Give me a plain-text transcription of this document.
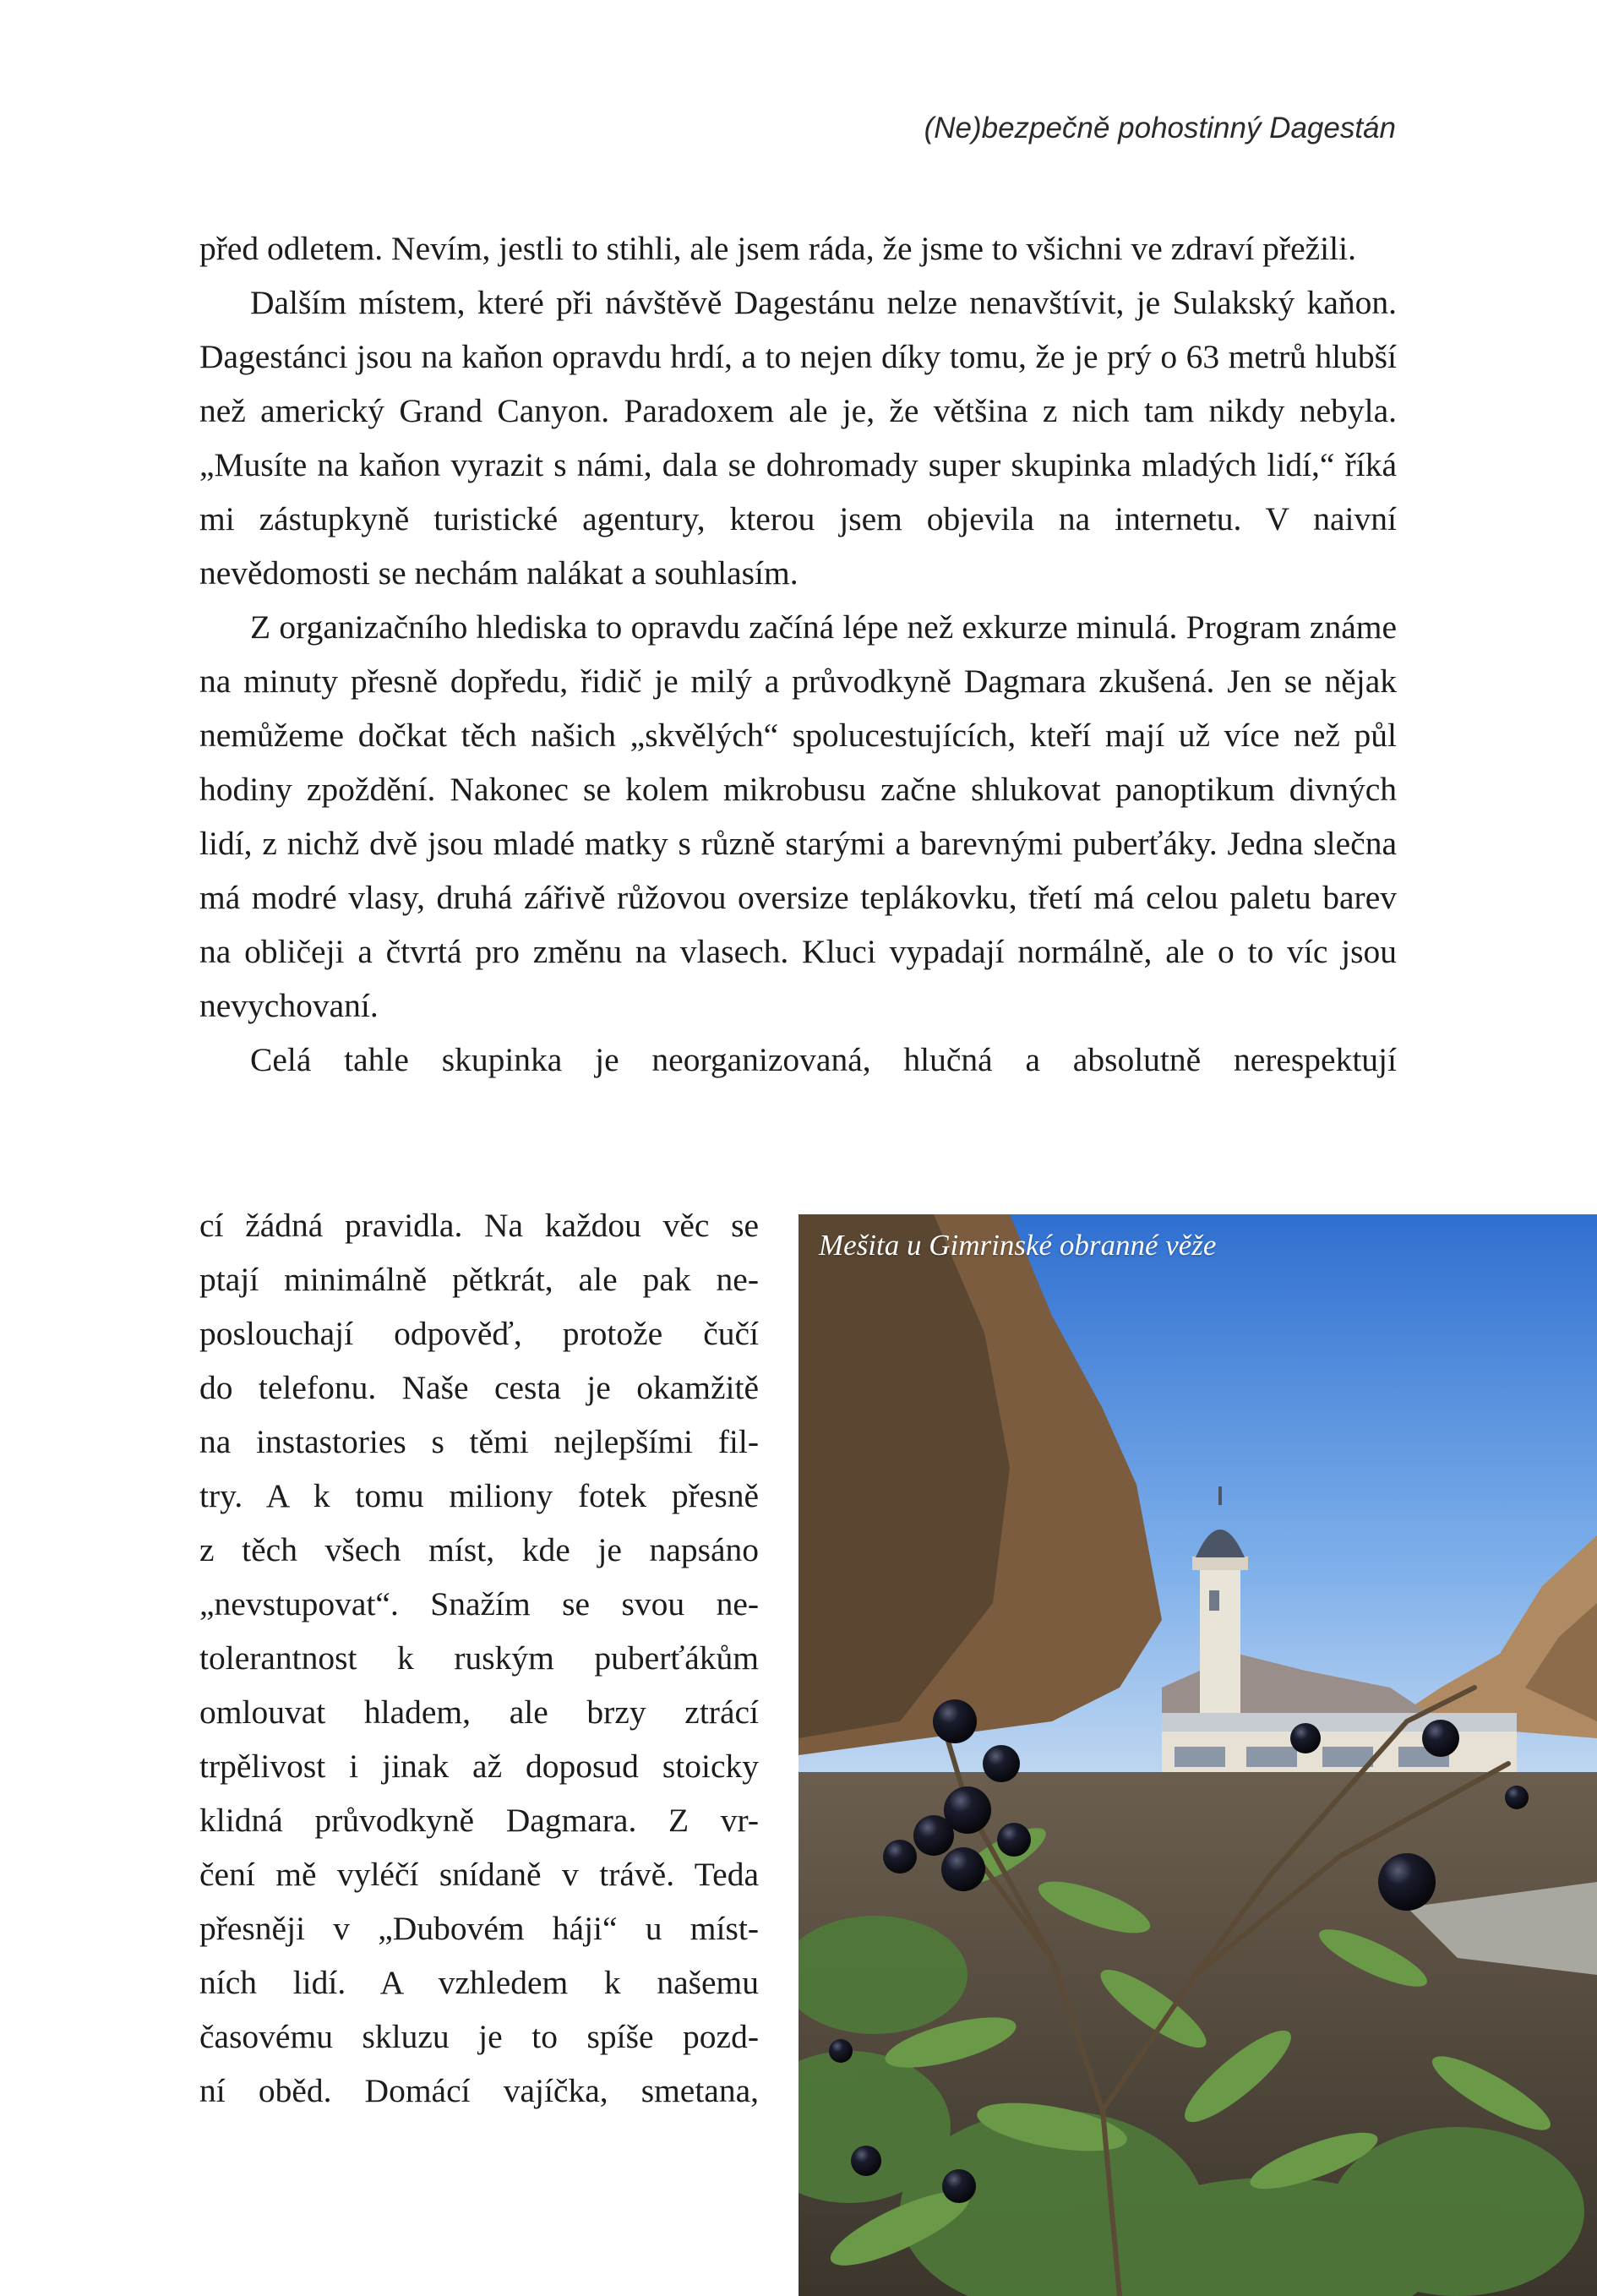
(Ne)bezpečně pohostinný Dagestán

před odletem. Nevím, jestli to stihli, ale jsem ráda, že jsme to všichni ve zdraví přežili.

Dalším místem, které při návštěvě Dagestánu nelze nenavštívit, je Sulakský kaňon. Dagestánci jsou na kaňon opravdu hrdí, a to nejen díky tomu, že je prý o 63 metrů hlubší než americký Grand Canyon. Paradoxem ale je, že většina z nich tam nikdy nebyla. „Musíte na kaňon vyrazit s námi, dala se dohromady super skupinka mladých lidí,“ říká mi zástupkyně turistické agentury, kterou jsem objevila na internetu. V naivní nevědomosti se nechám nalákat a souhlasím.

Z organizačního hlediska to opravdu začíná lépe než exkurze minulá. Program známe na minuty přesně dopředu, řidič je milý a průvodkyně Dagmara zkušená. Jen se nějak nemůžeme dočkat těch našich „skvělých“ spolucestujících, kteří mají už více než půl hodiny zpoždění. Nakonec se kolem mikrobusu začne shlukovat panoptikum divných lidí, z nichž dvě jsou mladé matky s různě starými a barevnými puberťáky. Jedna slečna má modré vlasy, druhá zářivě růžovou oversize teplákovku, třetí má celou paletu barev na obličeji a čtvrtá pro změnu na vlasech. Kluci vypadají normálně, ale o to víc jsou nevychovaní.

Celá tahle skupinka je neorganizovaná, hlučná a absolutně nerespektují

cí žádná pravidla. Na každou věc se
ptají minimálně pětkrát, ale pak ne-
poslouchají odpověď, protože čučí
do telefonu. Naše cesta je okamžitě
na instastories s těmi nejlepšími fil-
try. A k tomu miliony fotek přesně
z těch všech míst, kde je napsáno
„nevstupovat“. Snažím se svou ne-
tolerantnost k ruským puberťákům
omlouvat hladem, ale brzy ztrácí
trpělivost i jinak až doposud stoicky
klidná průvodkyně Dagmara. Z vr-
čení mě vyléčí snídaně v trávě. Teda
přesněji v „Dubovém háji“ u míst-
ních lidí. A vzhledem k našemu
časovému skluzu je to spíše pozd-
ní oběd. Domácí vajíčka, smetana,
Mešita u Gimrinské obranné věže
